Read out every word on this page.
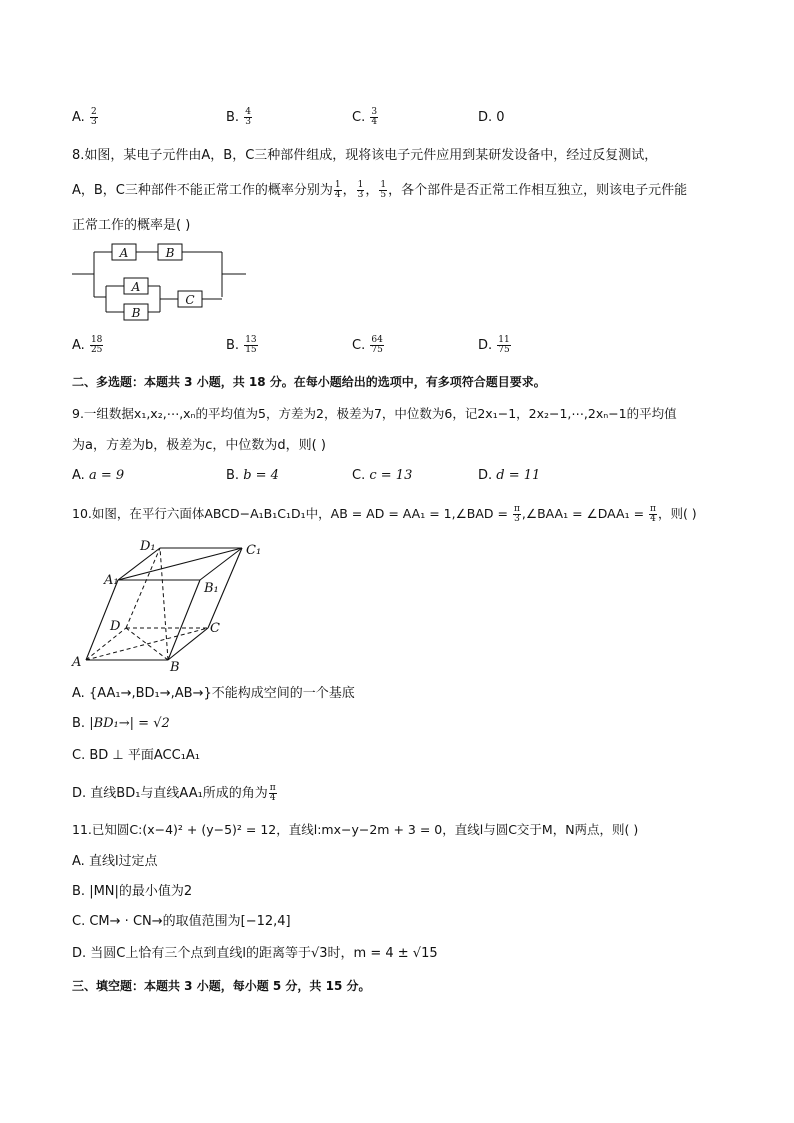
A. $\frac{2}{3}$	B. $\frac{4}{3}$	C. $\frac{3}{4}$	D. 0
8.如图，某电子元件由A，B，C三种部件组成，现将该电子元件应用到某研发设备中，经过反复测试，
A，B，C三种部件不能正常工作的概率分别为 $\frac{1}{4}$ ， $\frac{1}{3}$ ， $\frac{1}{5}$ ，各个部件是否正常工作相互独立，则该电子元件能
正常工作的概率是( )
A	B
A
B
C
A. $\frac{18}{25}$	B. $\frac{13}{15}$	C. $\frac{64}{75}$	D. $\frac{11}{75}$
二、多选题：本题共 3 小题，共 18 分。在每小题给出的选项中，有多项符合题目要求。
9.一组数据x₁,x₂,⋯,xₙ的平均值为5，方差为2，极差为7，中位数为6，记2x₁−1，2x₂−1,⋯,2xₙ−1的平均值
为a，方差为b，极差为c，中位数为d，则( )
A. a = 9	B. b = 4	C. c = 13	D. d = 11
10.如图，在平行六面体ABCD−A₁B₁C₁D₁中，AB = AD = AA₁ = 1,∠BAD = $\frac{\pi}{3}$ ,∠BAA₁ = ∠DAA₁ = $\frac{\pi}{4}$ ，则( )
D₁	C₁
A₁
B₁
D	C
A	B
A. {AA₁→,BD₁→,AB→}不能构成空间的一个基底
B. |BD₁→| = √2
C. BD ⊥ 平面ACC₁A₁
D. 直线BD₁与直线AA₁所成的角为 $\frac{\pi}{4}$
11.已知圆C:(x−4)² + (y−5)² = 12，直线l:mx−y−2m + 3 = 0，直线l与圆C交于M，N两点，则( )
A. 直线l过定点
B. |MN|的最小值为2
C. CM→ · CN→的取值范围为[−12,4]
D. 当圆C上恰有三个点到直线l的距离等于√3时，m = 4 ± √15
三、填空题：本题共 3 小题，每小题 5 分，共 15 分。
